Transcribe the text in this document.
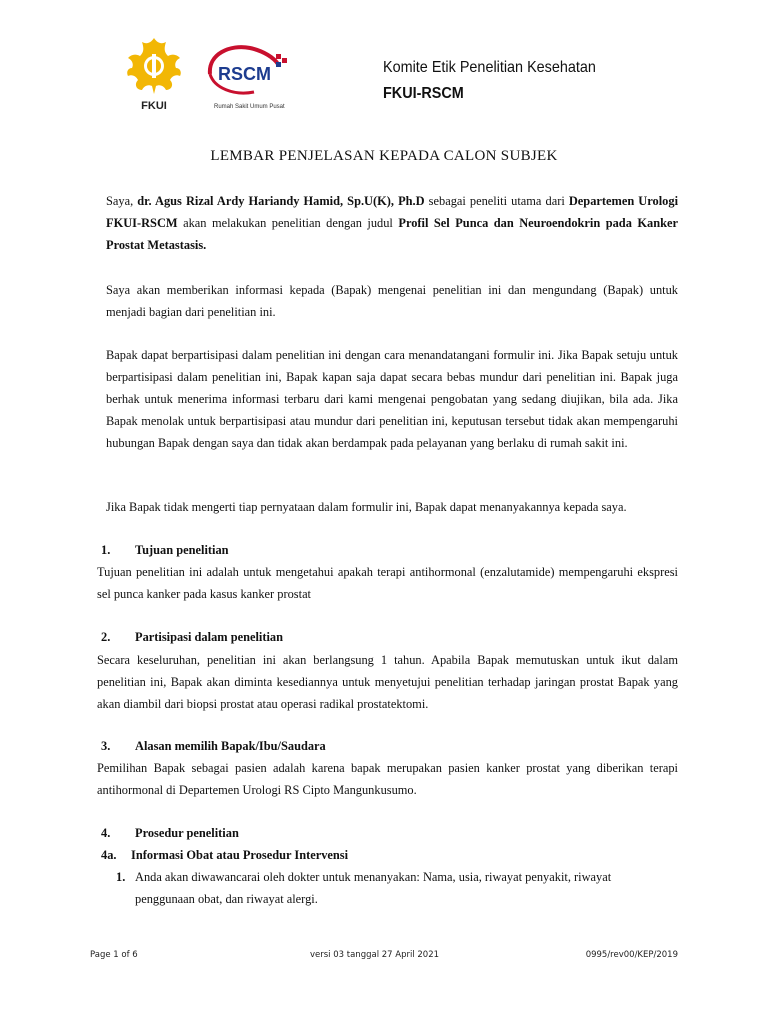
FKUI
RSCM
Rumah Sakit Umum Pusat
Komite Etik Penelitian Kesehatan
FKUI-RSCM
LEMBAR PENJELASAN KEPADA CALON SUBJEK
Saya, dr. Agus Rizal Ardy Hariandy Hamid, Sp.U(K), Ph.D sebagai peneliti utama dari Departemen Urologi FKUI-RSCM akan melakukan penelitian dengan judul Profil Sel Punca dan Neuroendokrin pada Kanker Prostat Metastasis.
Saya akan memberikan informasi kepada (Bapak) mengenai penelitian ini dan mengundang (Bapak) untuk menjadi bagian dari penelitian ini.
Bapak dapat berpartisipasi dalam penelitian ini dengan cara menandatangani formulir ini. Jika Bapak setuju untuk berpartisipasi dalam penelitian ini, Bapak kapan saja dapat secara bebas mundur dari penelitian ini. Bapak juga berhak untuk menerima informasi terbaru dari kami mengenai pengobatan yang sedang diujikan, bila ada. Jika Bapak menolak untuk berpartisipasi atau mundur dari penelitian ini, keputusan tersebut tidak akan mempengaruhi hubungan Bapak dengan saya dan tidak akan berdampak pada pelayanan yang berlaku di rumah sakit ini.
Jika Bapak tidak mengerti tiap pernyataan dalam formulir ini, Bapak dapat menanyakannya kepada saya.
1. Tujuan penelitian
Tujuan penelitian ini adalah untuk mengetahui apakah terapi antihormonal (enzalutamide) mempengaruhi ekspresi sel punca kanker pada kasus kanker prostat
2. Partisipasi dalam penelitian
Secara keseluruhan, penelitian ini akan berlangsung 1 tahun. Apabila Bapak memutuskan untuk ikut dalam penelitian ini, Bapak akan diminta kesediannya untuk menyetujui penelitian terhadap jaringan prostat Bapak yang akan diambil dari biopsi prostat atau operasi radikal prostatektomi.
3. Alasan memilih Bapak/Ibu/Saudara
Pemilihan Bapak sebagai pasien adalah karena bapak merupakan pasien kanker prostat yang diberikan terapi antihormonal di Departemen Urologi RS Cipto Mangunkusumo.
4. Prosedur penelitian
4a. Informasi Obat atau Prosedur Intervensi
1. Anda akan diwawancarai oleh dokter untuk menanyakan: Nama, usia, riwayat penyakit, riwayat penggunaan obat, dan riwayat alergi.
Page 1 of 6	versi 03 tanggal 27 April 2021	0995/rev00/KEP/2019
